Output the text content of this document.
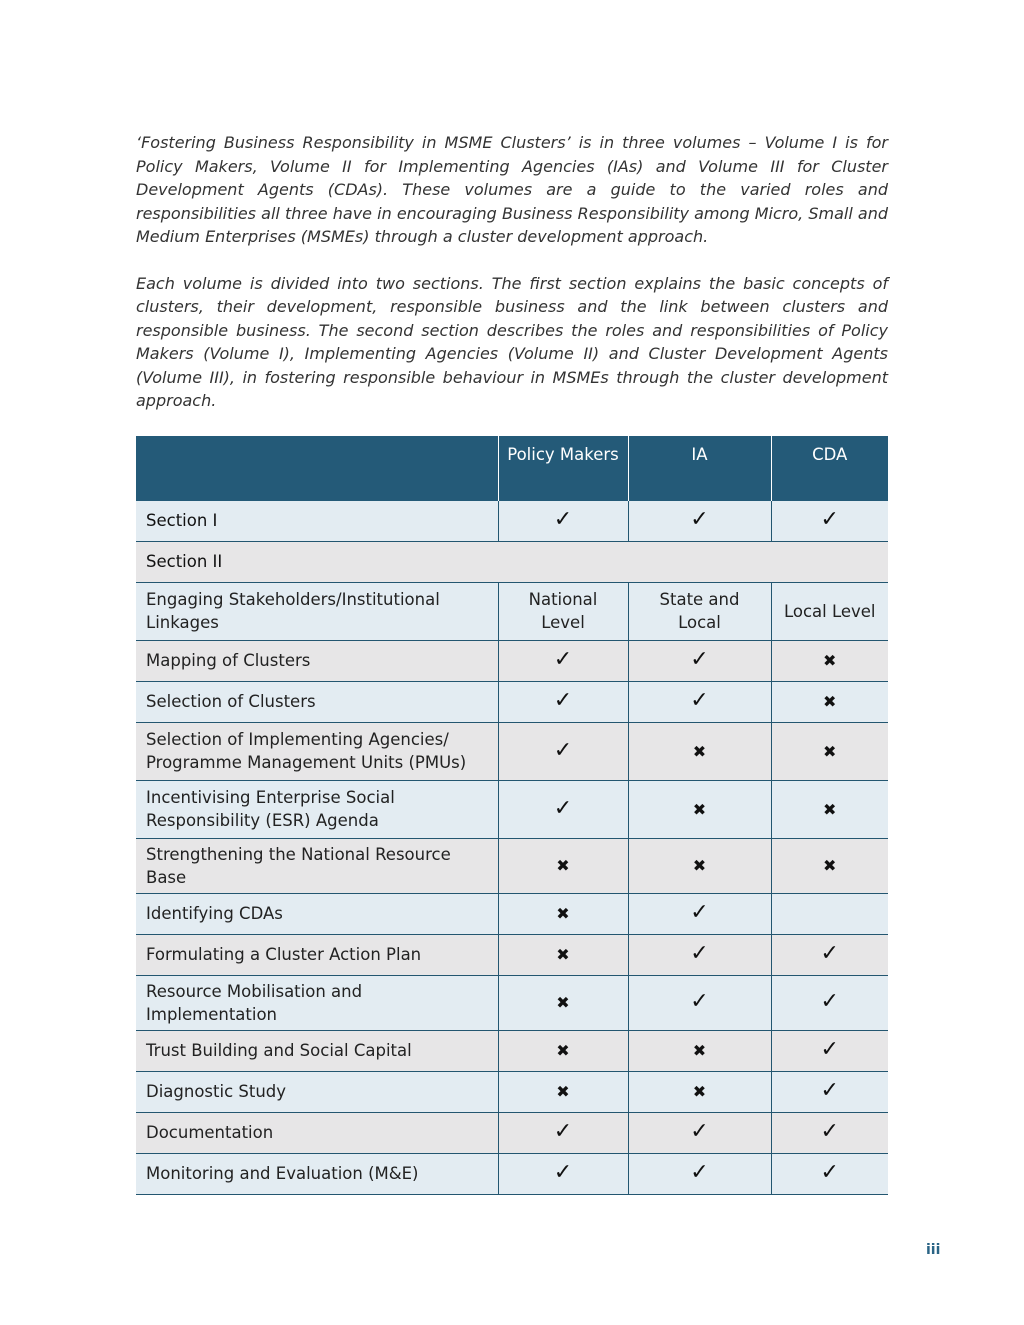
‘Fostering Business Responsibility in MSME Clusters’ is in three volumes – Volume I is for Policy Makers, Volume II for Implementing Agencies (IAs) and Volume III for Cluster Development Agents (CDAs). These volumes are a guide to the varied roles and responsibilities all three have in encouraging Business Responsibility among Micro, Small and Medium Enterprises (MSMEs) through a cluster development approach.

Each volume is divided into two sections. The first section explains the basic concepts of clusters, their development, responsible business and the link between clusters and responsible business. The second section describes the roles and responsibilities of Policy Makers (Volume I), Implementing Agencies (Volume II) and Cluster Development Agents (Volume III), in fostering responsible behaviour in MSMEs through the cluster development approach.

	Policy Makers	IA	CDA
Section I	✓	✓	✓
Section II			
Engaging Stakeholders/Institutional Linkages	National Level	State and Local	Local Level
Mapping of Clusters	✓	✓	✖
Selection of Clusters	✓	✓	✖
Selection of Implementing Agencies/ Programme Management Units (PMUs)	✓	✖	✖
Incentivising Enterprise Social Responsibility (ESR) Agenda	✓	✖	✖
Strengthening the National Resource Base	✖	✖	✖
Identifying CDAs	✖	✓	
Formulating a Cluster Action Plan	✖	✓	✓
Resource Mobilisation and Implementation	✖	✓	✓
Trust Building and Social Capital	✖	✖	✓
Diagnostic Study	✖	✖	✓
Documentation	✓	✓	✓
Monitoring and Evaluation (M&E)	✓	✓	✓
iii
